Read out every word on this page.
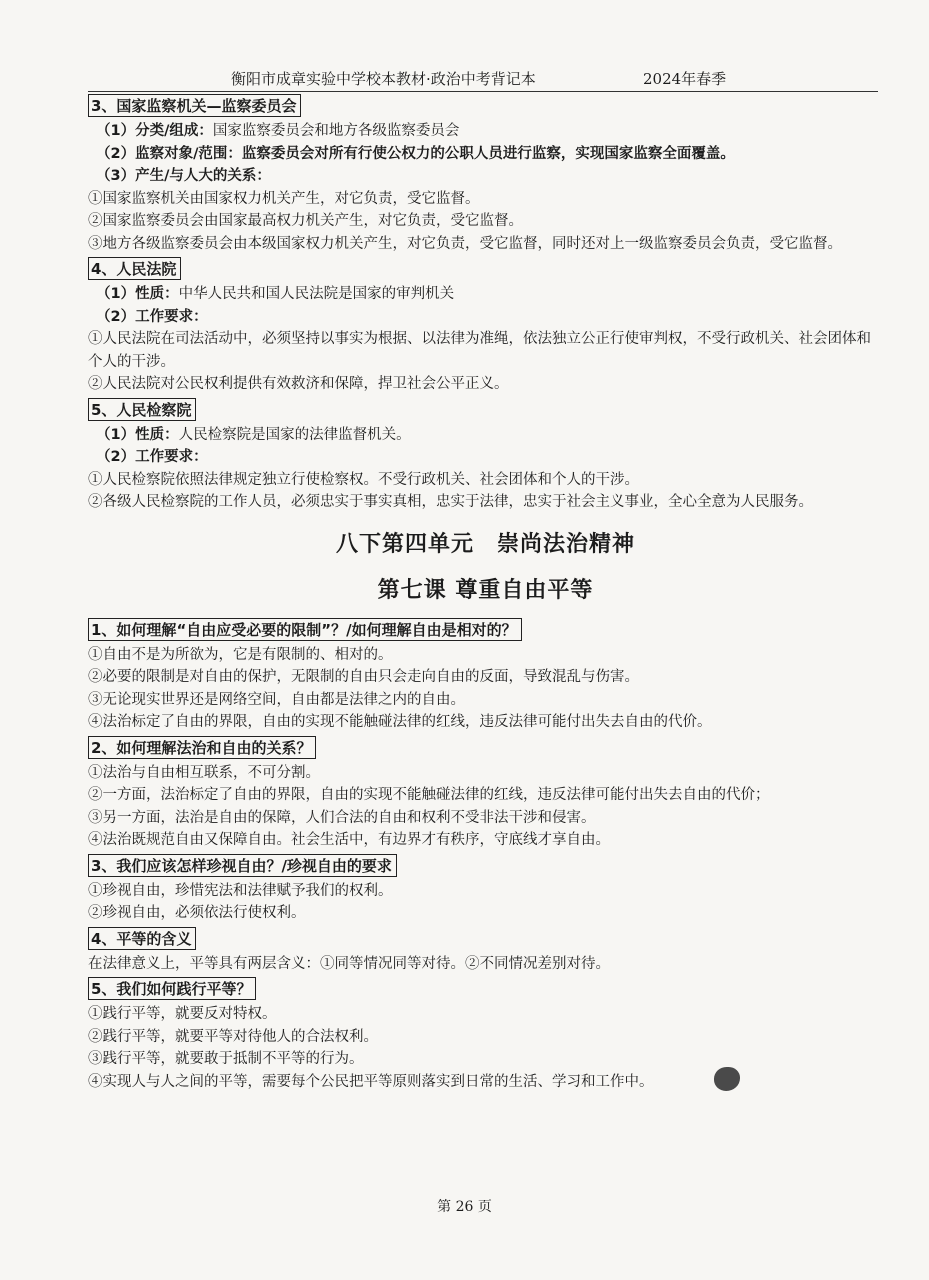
衡阳市成章实验中学校本教材·政治中考背记本	2024年春季
3、国家监察机关—监察委员会

（1）分类/组成：国家监察委员会和地方各级监察委员会

（2）监察对象/范围：监察委员会对所有行使公权力的公职人员进行监察，实现国家监察全面覆盖。

（3）产生/与人大的关系：

①国家监察机关由国家权力机关产生，对它负责，受它监督。

②国家监察委员会由国家最高权力机关产生，对它负责，受它监督。

③地方各级监察委员会由本级国家权力机关产生，对它负责，受它监督，同时还对上一级监察委员会负责，受它监督。

4、人民法院

（1）性质：中华人民共和国人民法院是国家的审判机关

（2）工作要求：

①人民法院在司法活动中，必须坚持以事实为根据、以法律为准绳，依法独立公正行使审判权，不受行政机关、社会团体和个人的干涉。

②人民法院对公民权利提供有效救济和保障，捍卫社会公平正义。

5、人民检察院

（1）性质：人民检察院是国家的法律监督机关。

（2）工作要求：

①人民检察院依照法律规定独立行使检察权。不受行政机关、社会团体和个人的干涉。

②各级人民检察院的工作人员，必须忠实于事实真相，忠实于法律，忠实于社会主义事业，全心全意为人民服务。

八下第四单元　崇尚法治精神
第七课 尊重自由平等
1、如何理解“自由应受必要的限制”？/如何理解自由是相对的？

①自由不是为所欲为，它是有限制的、相对的。

②必要的限制是对自由的保护，无限制的自由只会走向自由的反面，导致混乱与伤害。

③无论现实世界还是网络空间，自由都是法律之内的自由。

④法治标定了自由的界限，自由的实现不能触碰法律的红线，违反法律可能付出失去自由的代价。

2、如何理解法治和自由的关系？

①法治与自由相互联系，不可分割。

②一方面，法治标定了自由的界限，自由的实现不能触碰法律的红线，违反法律可能付出失去自由的代价；

③另一方面，法治是自由的保障，人们合法的自由和权利不受非法干涉和侵害。

④法治既规范自由又保障自由。社会生活中，有边界才有秩序，守底线才享自由。

3、我们应该怎样珍视自由？/珍视自由的要求

①珍视自由，珍惜宪法和法律赋予我们的权利。

②珍视自由，必须依法行使权利。

4、平等的含义

在法律意义上，平等具有两层含义：①同等情况同等对待。②不同情况差别对待。

5、我们如何践行平等？

①践行平等，就要反对特权。

②践行平等，就要平等对待他人的合法权利。

③践行平等，就要敢于抵制不平等的行为。

④实现人与人之间的平等，需要每个公民把平等原则落实到日常的生活、学习和工作中。

第 26 页
